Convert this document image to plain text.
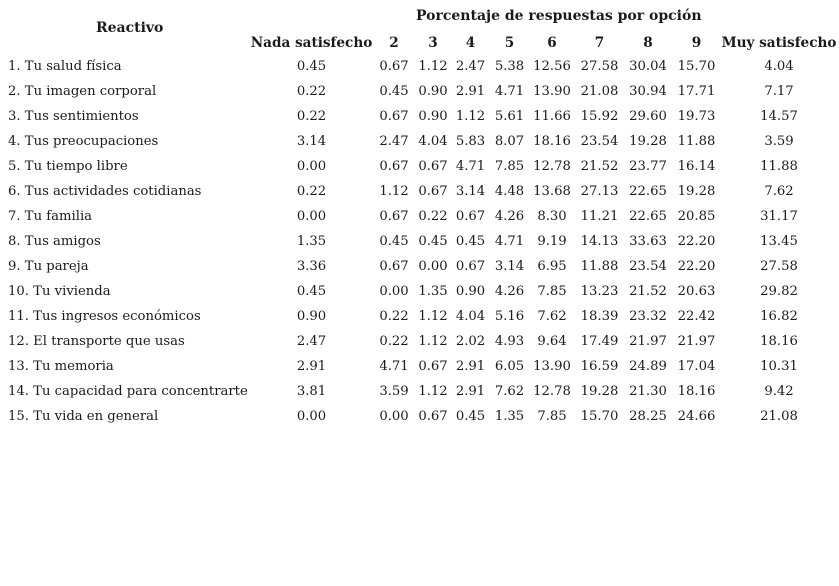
Reactivo
Porcentaje de respuestas por opción
	Nada satisfecho	2	3	4	5	6	7	8	9	Muy satisfecho
1. Tu salud física	0.45	0.67	1.12	2.47	5.38	12.56	27.58	30.04	15.70	4.04
2. Tu imagen corporal	0.22	0.45	0.90	2.91	4.71	13.90	21.08	30.94	17.71	7.17
3. Tus sentimientos	0.22	0.67	0.90	1.12	5.61	11.66	15.92	29.60	19.73	14.57
4. Tus preocupaciones	3.14	2.47	4.04	5.83	8.07	18.16	23.54	19.28	11.88	3.59
5. Tu tiempo libre	0.00	0.67	0.67	4.71	7.85	12.78	21.52	23.77	16.14	11.88
6. Tus actividades cotidianas	0.22	1.12	0.67	3.14	4.48	13.68	27.13	22.65	19.28	7.62
7. Tu familia	0.00	0.67	0.22	0.67	4.26	8.30	11.21	22.65	20.85	31.17
8. Tus amigos	1.35	0.45	0.45	0.45	4.71	9.19	14.13	33.63	22.20	13.45
9. Tu pareja	3.36	0.67	0.00	0.67	3.14	6.95	11.88	23.54	22.20	27.58
10. Tu vivienda	0.45	0.00	1.35	0.90	4.26	7.85	13.23	21.52	20.63	29.82
11. Tus ingresos económicos	0.90	0.22	1.12	4.04	5.16	7.62	18.39	23.32	22.42	16.82
12. El transporte que usas	2.47	0.22	1.12	2.02	4.93	9.64	17.49	21.97	21.97	18.16
13. Tu memoria	2.91	4.71	0.67	2.91	6.05	13.90	16.59	24.89	17.04	10.31
14. Tu capacidad para concentrarte	3.81	3.59	1.12	2.91	7.62	12.78	19.28	21.30	18.16	9.42
15. Tu vida en general	0.00	0.00	0.67	0.45	1.35	7.85	15.70	28.25	24.66	21.08
